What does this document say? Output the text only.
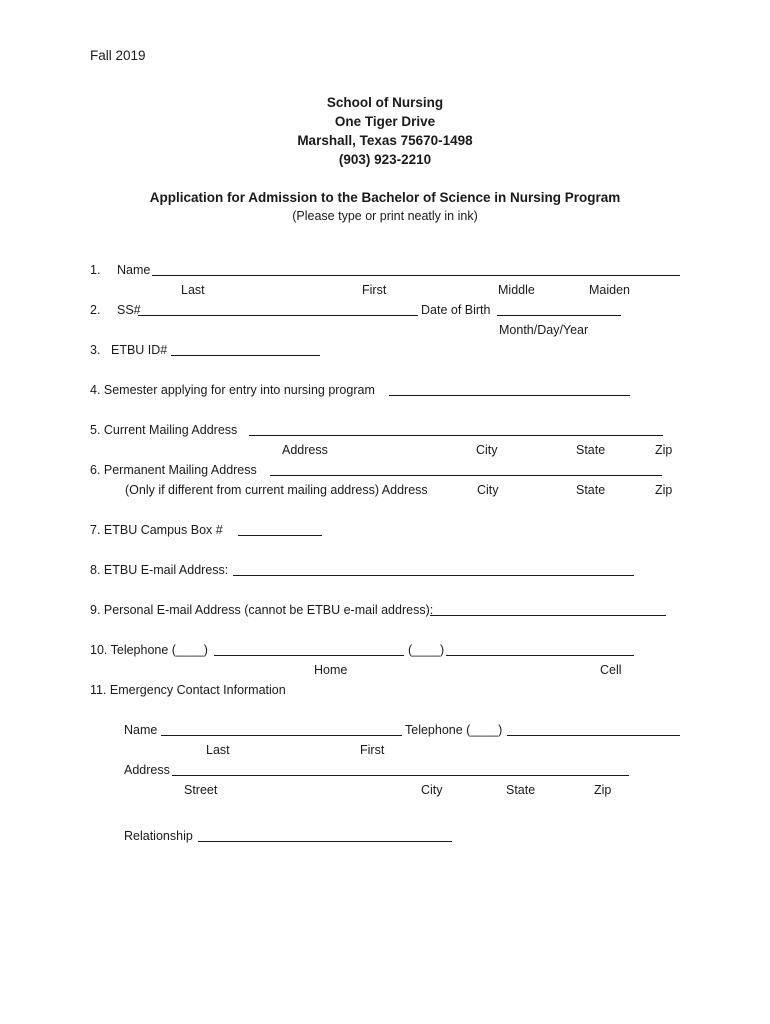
Fall 2019
School of Nursing
One Tiger Drive
Marshall, Texas 75670-1498
(903) 923-2210
Application for Admission to the Bachelor of Science in Nursing Program
(Please type or print neatly in ink)
1. Name
Last	First	Middle	Maiden
2. SS#	Date of Birth
Month/Day/Year
3. ETBU ID#
4. Semester applying for entry into nursing program
5. Current Mailing Address
Address	City	State	Zip
6. Permanent Mailing Address
(Only if different from current mailing address) Address	City	State	Zip
7. ETBU Campus Box #
8. ETBU E-mail Address:
9. Personal E-mail Address (cannot be ETBU e-mail address):
10. Telephone (____)	(____)
Home	Cell
11. Emergency Contact Information
Name	Telephone (____)
Last	First
Address
Street	City	State	Zip
Relationship
